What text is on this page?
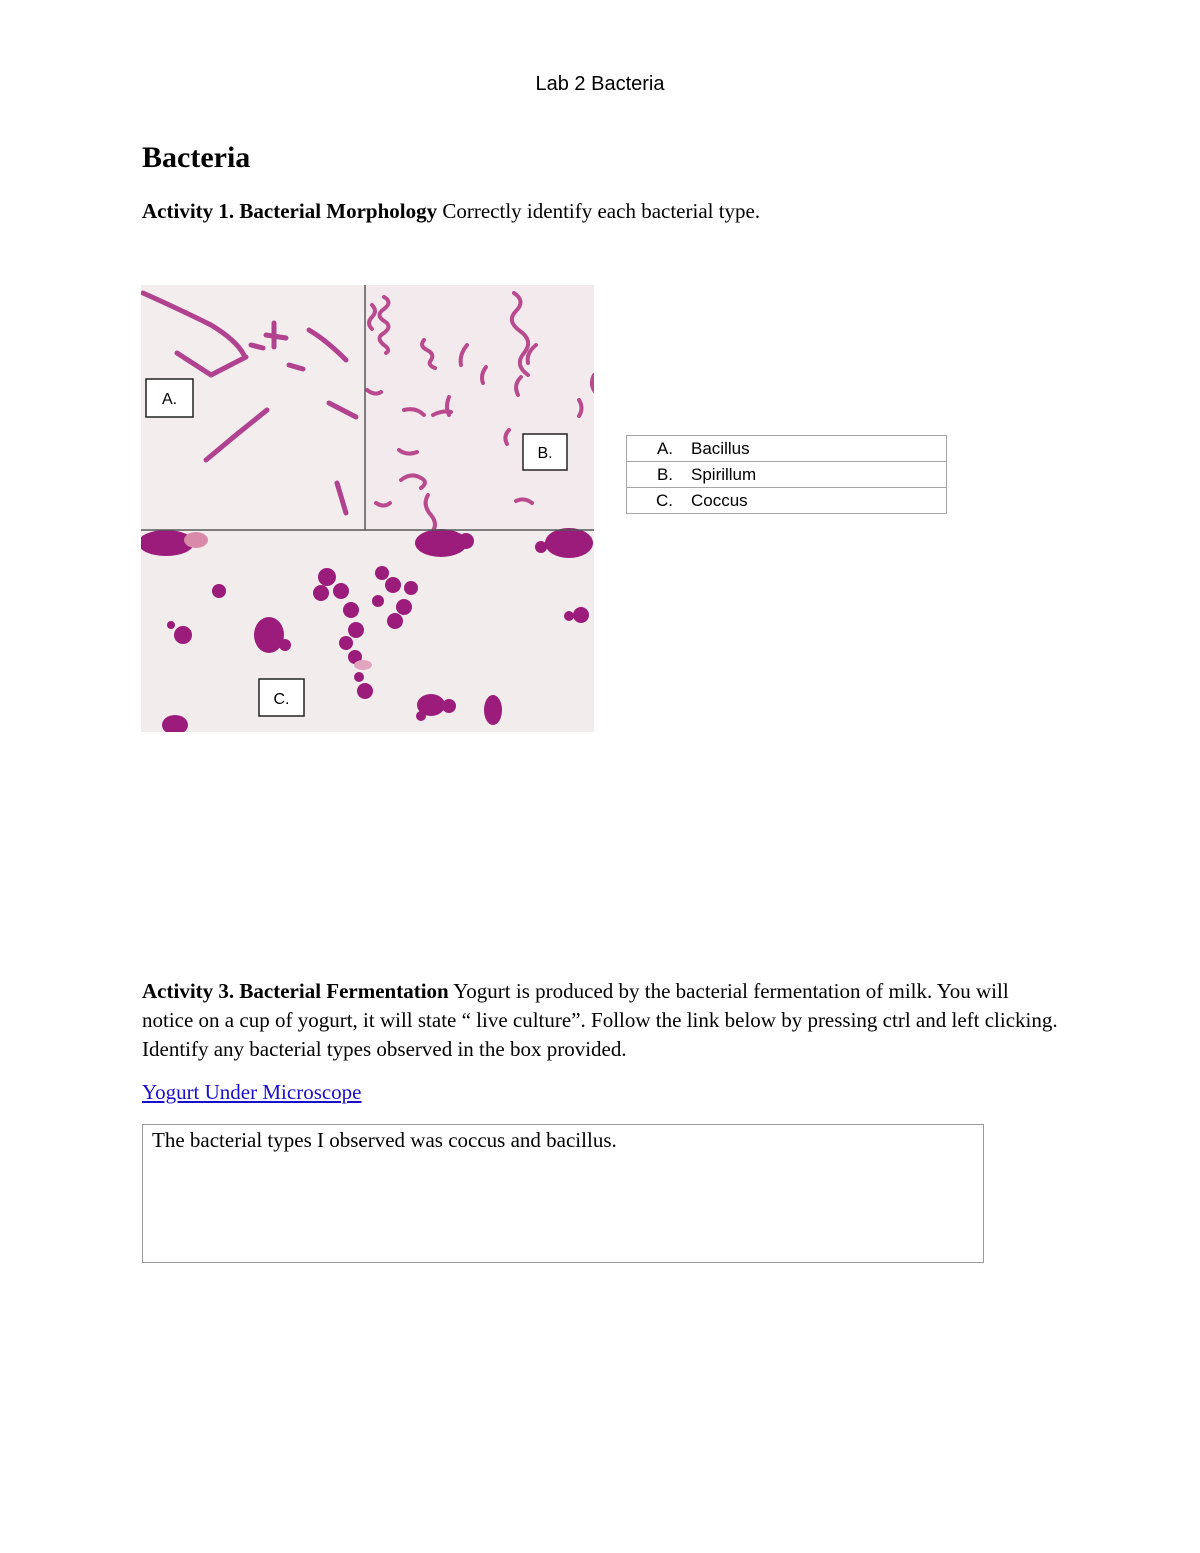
Lab 2 Bacteria
Bacteria
Activity 1. Bacterial Morphology Correctly identify each bacterial type.
A.
B.
C.
A.	Bacillus

B.	Spirillum

C.	Coccus
Activity 3. Bacterial Fermentation Yogurt is produced by the bacterial fermentation of milk. You will notice on a cup of yogurt, it will state “ live culture”. Follow the link below by pressing ctrl and left clicking. Identify any bacterial types observed in the box provided.
Yogurt Under Microscope
The bacterial types I observed was coccus and bacillus.
